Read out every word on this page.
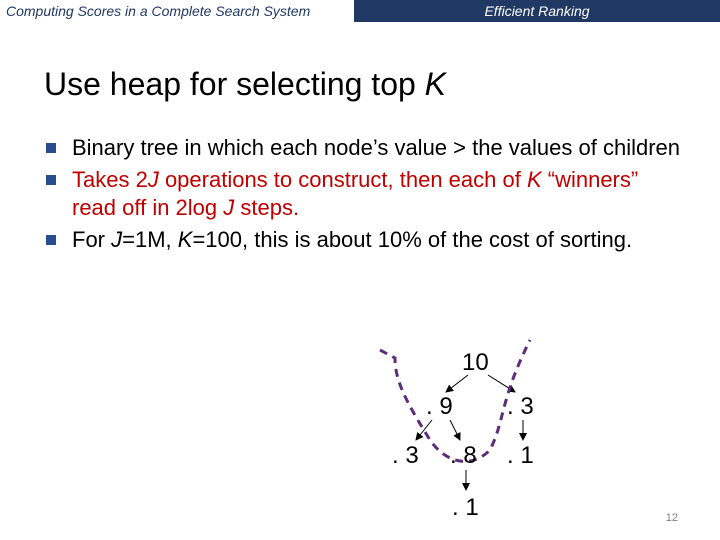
Computing Scores in a Complete Search System	Efficient Ranking
Use heap for selecting top K
Binary tree in which each node’s value > the values of children
Takes 2J operations to construct, then each of K “winners” read off in 2log J steps.
For J=1M, K=100, this is about 10% of the cost of sorting.
10
. 9 . 3
. 3 . 8 . 1
. 1	12
